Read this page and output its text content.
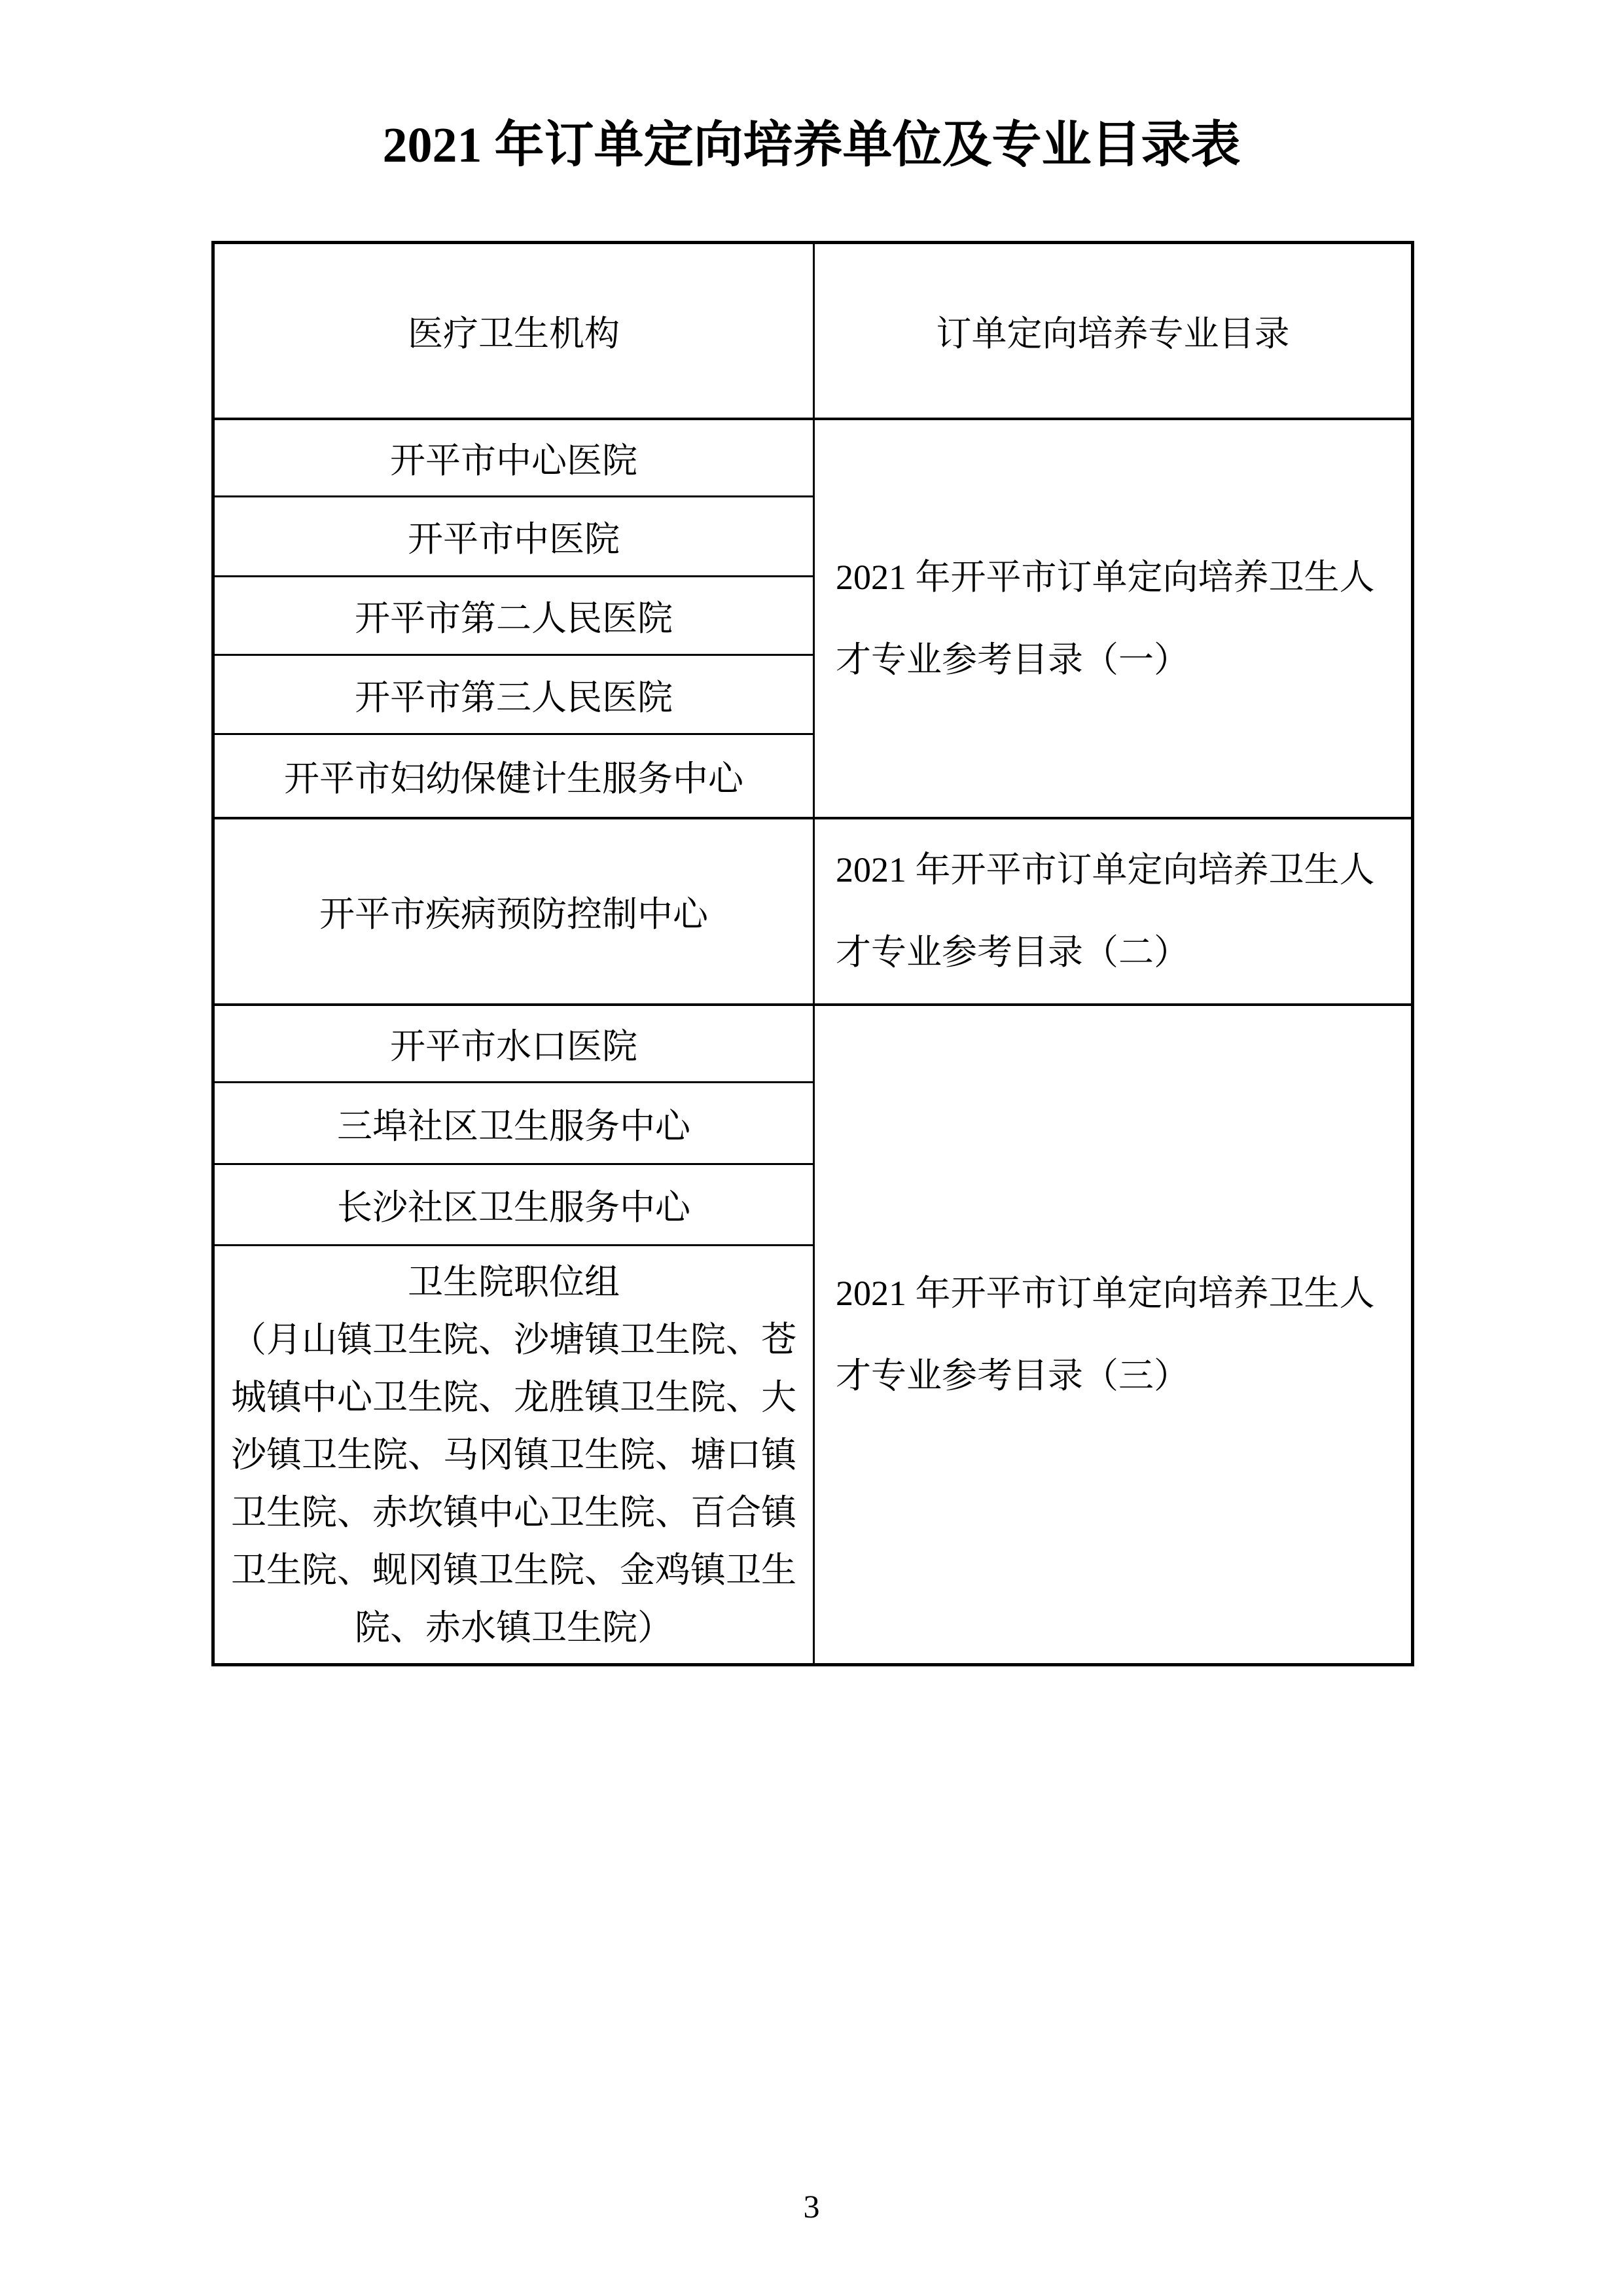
2021 年订单定向培养单位及专业目录表
医疗卫生机构	订单定向培养专业目录
开平市中心医院	2021 年开平市订单定向培养卫生人
才专业参考目录（一）

开平市中医院	
开平市第二人民医院	
开平市第三人民医院	
开平市妇幼保健计生服务中心	
开平市疾病预防控制中心	2021 年开平市订单定向培养卫生人
才专业参考目录（二）

开平市水口医院	2021 年开平市订单定向培养卫生人
才专业参考目录（三）

三埠社区卫生服务中心	
长沙社区卫生服务中心	

卫生院职位组
（月山镇卫生院、沙塘镇卫生院、苍
城镇中心卫生院、龙胜镇卫生院、大
沙镇卫生院、马冈镇卫生院、塘口镇
卫生院、赤坎镇中心卫生院、百合镇
卫生院、蚬冈镇卫生院、金鸡镇卫生
院、赤水镇卫生院）
3
